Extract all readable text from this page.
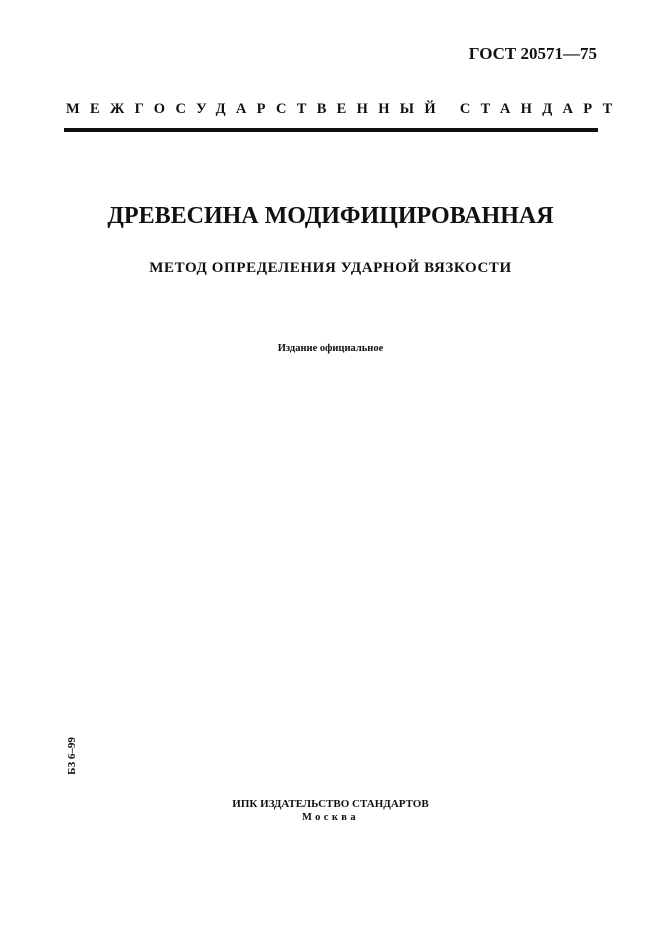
ГОСТ 20571—75
МЕЖГОСУДАРСТВЕННЫЙ СТАНДАРТ
ДРЕВЕСИНА МОДИФИЦИРОВАННАЯ
МЕТОД ОПРЕДЕЛЕНИЯ УДАРНОЙ ВЯЗКОСТИ
Издание официальное
БЗ 6–99
ИПК ИЗДАТЕЛЬСТВО СТАНДАРТОВ
Москва
